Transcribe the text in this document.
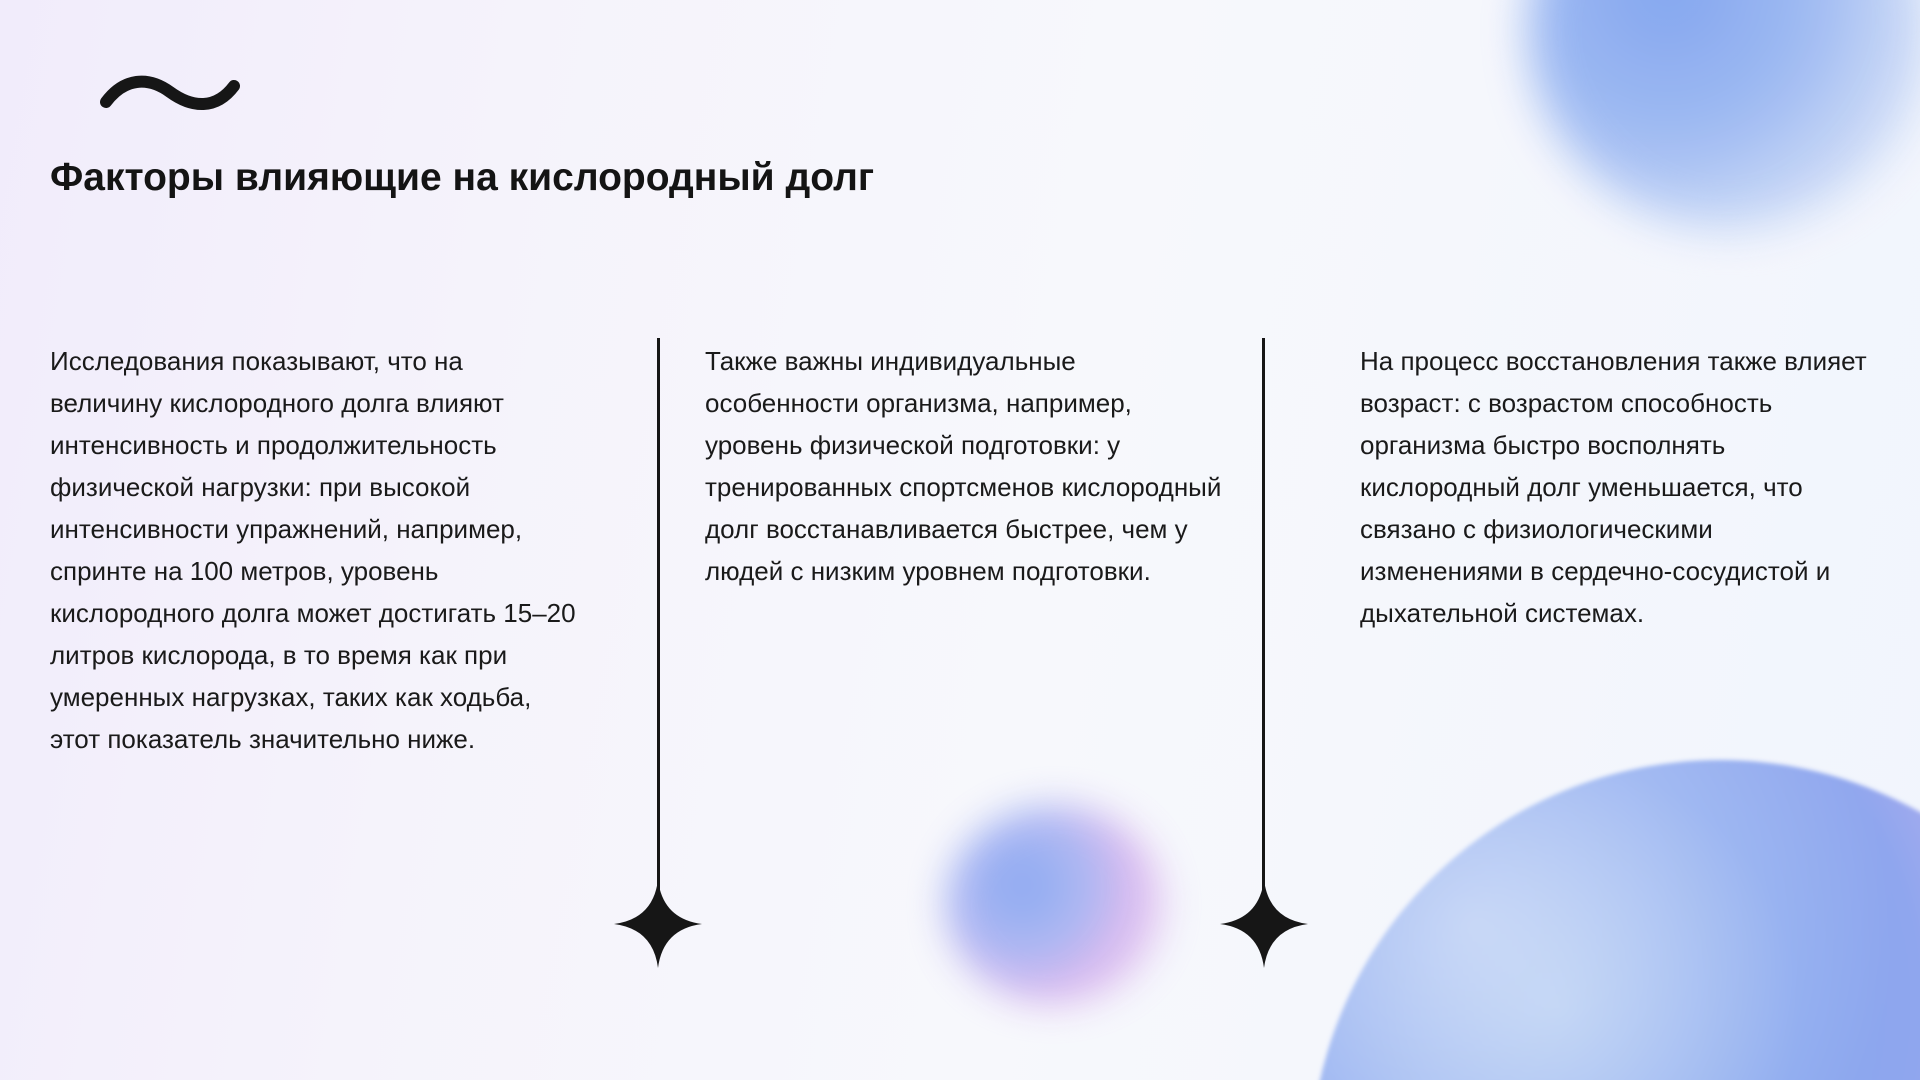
Факторы влияющие на кислородный долг

Исследования показывают, что на величину кислородного долга влияют интенсивность и продолжительность физической нагрузки: при высокой интенсивности упражнений, например, спринте на 100 метров, уровень кислородного долга может достигать 15–20 литров кислорода, в то время как при умеренных нагрузках, таких как ходьба, этот показатель значительно ниже.

Также важны индивидуальные особенности организма, например, уровень физической подготовки: у тренированных спортсменов кислородный долг восстанавливается быстрее, чем у людей с низким уровнем подготовки.

На процесс восстановления также влияет возраст: с возрастом способность организма быстро восполнять кислородный долг уменьшается, что связано с физиологическими изменениями в сердечно-сосудистой и дыхательной системах.
